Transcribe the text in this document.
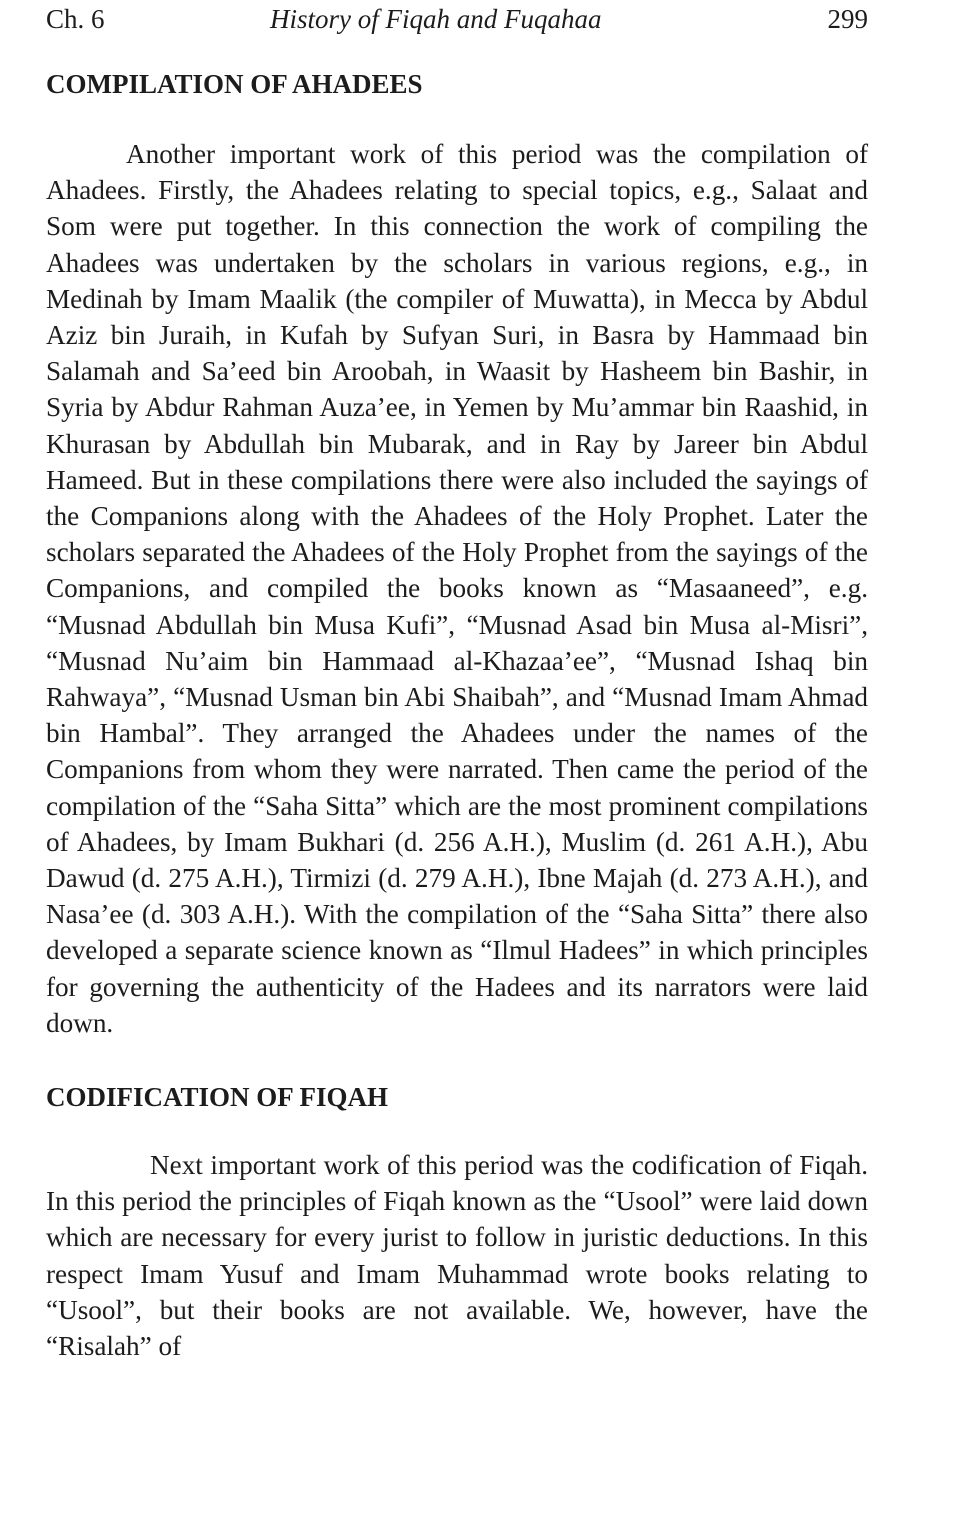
Ch. 6	History of Fiqah and Fuqahaa	299
COMPILATION OF AHADEES

Another important work of this period was the compilation of Ahadees. Firstly, the Ahadees relating to special topics, e.g., Salaat and Som were put together. In this connection the work of compiling the Ahadees was undertaken by the scholars in various regions, e.g., in Medinah by Imam Maalik (the compiler of Muwatta), in Mecca by Abdul Aziz bin Juraih, in Kufah by Sufyan Suri, in Basra by Hammaad bin Salamah and Sa’eed bin Aroobah, in Waasit by Hasheem bin Bashir, in Syria by Abdur Rahman Auza’ee, in Yemen by Mu’ammar bin Raashid, in Khurasan by Abdullah bin Mubarak, and in Ray by Jareer bin Abdul Hameed. But in these compilations there were also included the sayings of the Companions along with the Ahadees of the Holy Prophet. Later the scholars separated the Ahadees of the Holy Prophet from the sayings of the Companions, and compiled the books known as “Masaaneed”, e.g. “Musnad Abdullah bin Musa Kufi”, “Musnad Asad bin Musa al-Misri”, “Musnad Nu’aim bin Hammaad al-Khazaa’ee”, “Musnad Ishaq bin Rahwaya”, “Musnad Usman bin Abi Shaibah”, and “Musnad Imam Ahmad bin Hambal”. They arranged the Ahadees under the names of the Companions from whom they were narrated. Then came the period of the compilation of the “Saha Sitta” which are the most prominent compilations of Ahadees, by Imam Bukhari (d. 256 A.H.), Muslim (d. 261 A.H.), Abu Dawud (d. 275 A.H.), Tirmizi (d. 279 A.H.), Ibne Majah (d. 273 A.H.), and Nasa’ee (d. 303 A.H.). With the compilation of the “Saha Sitta” there also developed a separate science known as “Ilmul Hadees” in which principles for governing the authenticity of the Hadees and its narrators were laid down.

CODIFICATION OF FIQAH

Next important work of this period was the codification of Fiqah. In this period the principles of Fiqah known as the “Usool” were laid down which are necessary for every jurist to follow in juristic deductions. In this respect Imam Yusuf and Imam Muhammad wrote books relating to “Usool”, but their books are not available. We, however, have the “Risalah” of
